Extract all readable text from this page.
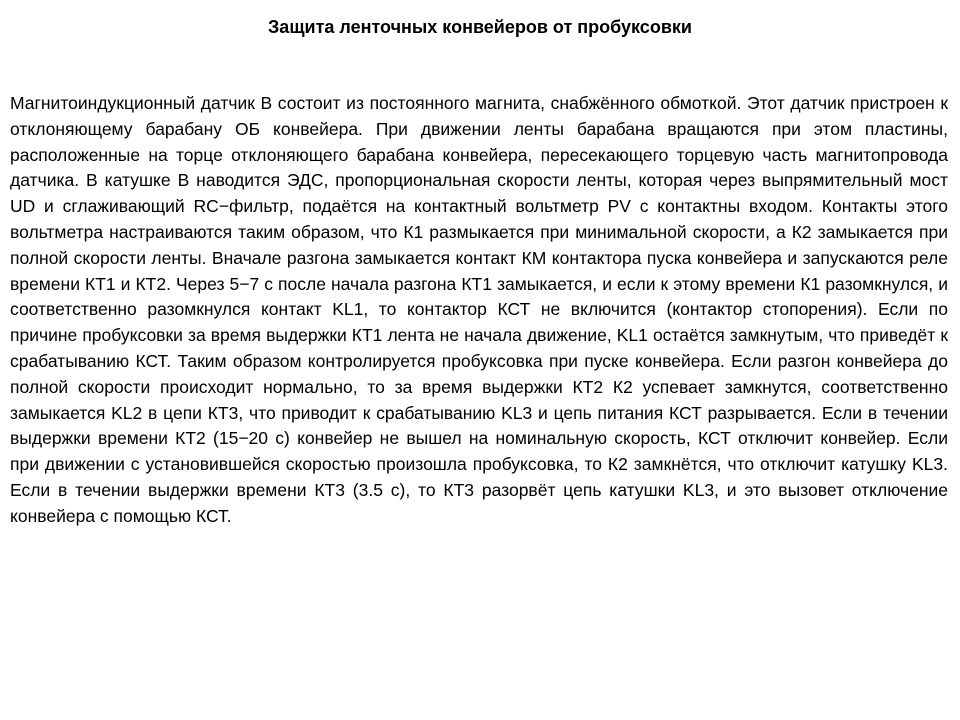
Защита ленточных конвейеров от пробуксовки
Магнитоиндукционный датчик В состоит из постоянного магнита, снабжённого обмоткой. Этот датчик пристроен к отклоняющему барабану ОБ конвейера. При движении ленты барабана вращаются при этом пластины, расположенные на торце отклоняющего барабана конвейера, пересекающего торцевую часть магнитопровода датчика. В катушке В наводится ЭДС, пропорциональная скорости ленты, которая через выпрямительный мост UD и сглаживающий RC−фильтр, подаётся на контактный вольтметр PV с контактны входом. Контакты этого вольтметра настраиваются таким образом, что К1 размыкается при минимальной скорости, а К2 замыкается при полной скорости ленты. Вначале разгона замыкается контакт КМ контактора пуска конвейера и запускаются реле времени КТ1 и КТ2. Через 5−7 с после начала разгона КТ1 замыкается, и если к этому времени К1 разомкнулся, и соответственно разомкнулся контакт KL1, то контактор КСТ не включится (контактор стопорения). Если по причине пробуксовки за время выдержки КТ1 лента не начала движение, KL1 остаётся замкнутым, что приведёт к срабатыванию КСТ. Таким образом контролируется пробуксовка при пуске конвейера. Если разгон конвейера до полной скорости происходит нормально, то за время выдержки КТ2 К2 успевает замкнутся, соответственно замыкается KL2 в цепи КТ3, что приводит к срабатыванию KL3 и цепь питания КСТ разрывается. Если в течении выдержки времени КТ2 (15−20 с) конвейер не вышел на номинальную скорость, КСТ отключит конвейер. Если при движении с установившейся скоростью произошла пробуксовка, то К2 замкнётся, что отключит катушку KL3. Если в течении выдержки времени КТ3 (3.5 с), то КТ3 разорвёт цепь катушки KL3, и это вызовет отключение конвейера с помощью КСТ.
